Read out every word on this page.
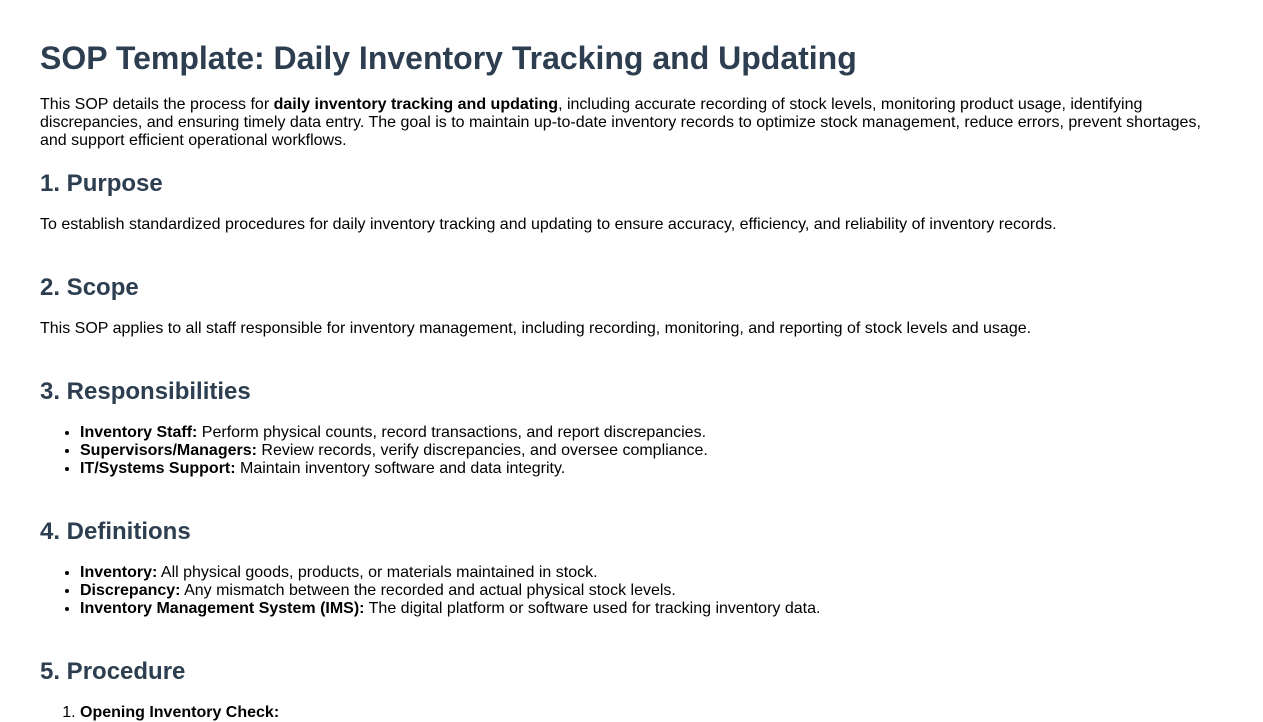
SOP Template: Daily Inventory Tracking and Updating

This SOP details the process for daily inventory tracking and updating, including accurate recording of stock levels, monitoring product usage, identifying discrepancies, and ensuring timely data entry. The goal is to maintain up-to-date inventory records to optimize stock management, reduce errors, prevent shortages, and support efficient operational workflows.

1. Purpose

To establish standardized procedures for daily inventory tracking and updating to ensure accuracy, efficiency, and reliability of inventory records.

2. Scope

This SOP applies to all staff responsible for inventory management, including recording, monitoring, and reporting of stock levels and usage.

3. Responsibilities
• Inventory Staff: Perform physical counts, record transactions, and report discrepancies.
• Supervisors/Managers: Review records, verify discrepancies, and oversee compliance.
• IT/Systems Support: Maintain inventory software and data integrity.
4. Definitions
• Inventory: All physical goods, products, or materials maintained in stock.
• Discrepancy: Any mismatch between the recorded and actual physical stock levels.
• Inventory Management System (IMS): The digital platform or software used for tracking inventory data.
5. Procedure
1. Opening Inventory Check:
